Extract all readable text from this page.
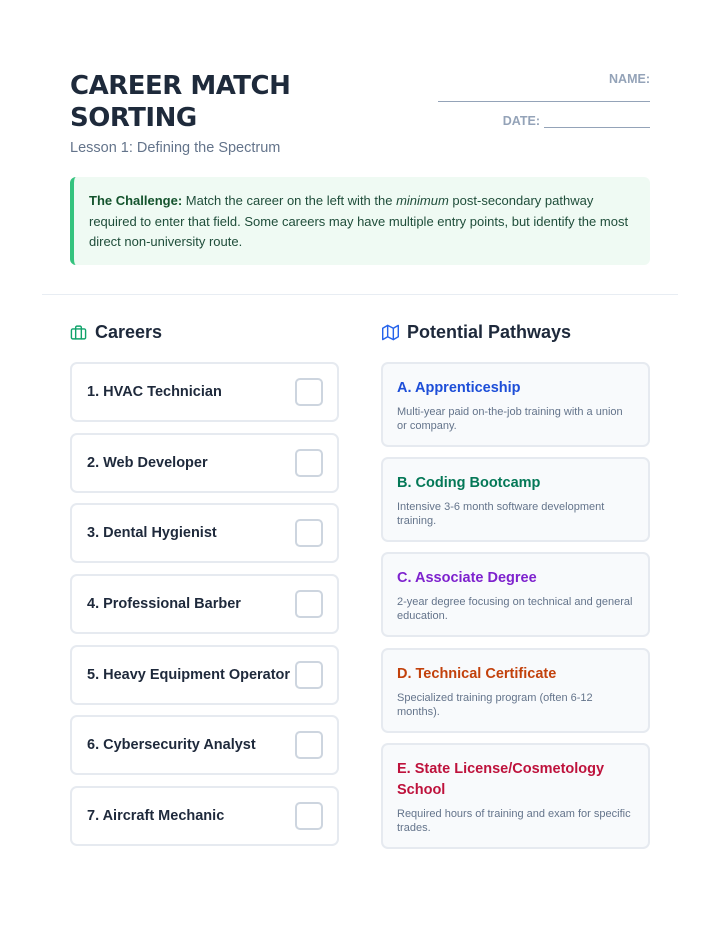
CAREER MATCH SORTING
Lesson 1: Defining the Spectrum
NAME:
DATE:
The Challenge: Match the career on the left with the minimum post-secondary pathway required to enter that field. Some careers may have multiple entry points, but identify the most direct non-university route.
Careers	Potential Pathways
1. HVAC Technician
2. Web Developer
3. Dental Hygienist
4. Professional Barber
5. Heavy Equipment Operator
6. Cybersecurity Analyst
7. Aircraft Mechanic
A. Apprenticeship
Multi-year paid on-the-job training with a union or company.
B. Coding Bootcamp
Intensive 3-6 month software development training.
C. Associate Degree
2-year degree focusing on technical and general education.
D. Technical Certificate
Specialized training program (often 6-12 months).
E. State License/Cosmetology School
Required hours of training and exam for specific trades.
